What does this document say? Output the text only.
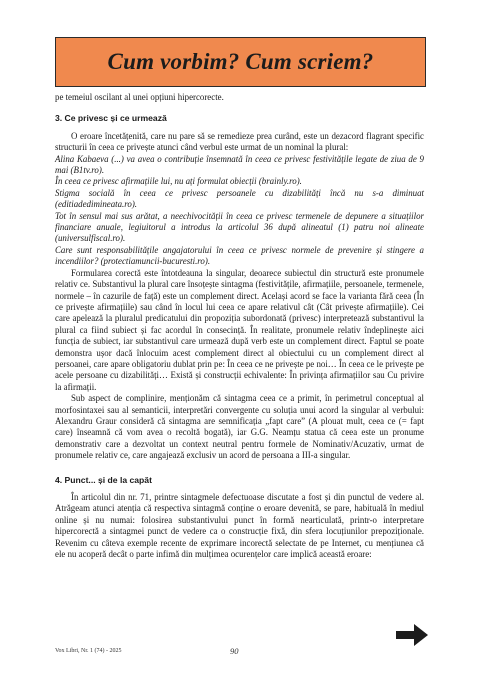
Cum vorbim? Cum scriem?

pe temeiul oscilant al unei opțiuni hipercorecte.

3. Ce privesc și ce urmează

O eroare încetățenită, care nu pare să se remedieze prea curând, este un dezacord flagrant specific structurii în ceea ce privește atunci când verbul este urmat de un nominal la plural:

Alina Kabaeva (...) va avea o contribuție însemnată în ceea ce privesc festivitățile legate de ziua de 9 mai (B1tv.ro).

În ceea ce privesc afirmațiile lui, nu ați formulat obiecții (brainly.ro).

Stigma socială în ceea ce privesc persoanele cu dizabilități încă nu s-a diminuat (editiadedimineata.ro).

Tot în sensul mai sus arătat, a neechivocității în ceea ce privesc termenele de depunere a situațiilor financiare anuale, legiuitorul a introdus la articolul 36 după alineatul (1) patru noi alineate (universulfiscal.ro).

Care sunt responsabilitățile angajatorului în ceea ce privesc normele de prevenire și stingere a incendiilor? (protectiamuncii-bucuresti.ro).

Formularea corectă este întotdeauna la singular, deoarece subiectul din structură este pronumele relativ ce. Substantivul la plural care însoțește sintagma (festivitățile, afirmațiile, persoanele, termenele, normele – în cazurile de față) este un complement direct. Același acord se face la varianta fără ceea (În ce privește afirmațiile) sau când în locul lui ceea ce apare relativul cât (Cât privește afirmațiile). Cei care apelează la pluralul predicatului din propoziția subordonată (privesc) interpretează substantivul la plural ca fiind subiect și fac acordul în consecință. În realitate, pronumele relativ îndeplinește aici funcția de subiect, iar substantivul care urmează după verb este un complement direct. Faptul se poate demonstra ușor dacă înlocuim acest complement direct al obiectului cu un complement direct al persoanei, care apare obligatoriu dublat prin pe: În ceea ce ne privește pe noi… În ceea ce le privește pe acele persoane cu dizabilități… Există și construcții echivalente: În privința afirmațiilor sau Cu privire la afirmații.

Sub aspect de complinire, menționăm că sintagma ceea ce a primit, în perimetrul conceptual al morfosintaxei sau al semanticii, interpretări convergente cu soluția unui acord la singular al verbului: Alexandru Graur consideră că sintagma are semnificația „fapt care” (A plouat mult, ceea ce (= fapt care) înseamnă că vom avea o recoltă bogată), iar G.G. Neamțu statua că ceea este un pronume demonstrativ care a dezvoltat un context neutral pentru formele de Nominativ/Acuzativ, urmat de pronumele relativ ce, care angajează exclusiv un acord de persoana a III-a singular.

4. Punct... și de la capăt

În articolul din nr. 71, printre sintagmele defectuoase discutate a fost și din punctul de vedere al. Atrăgeam atunci atenția că respectiva sintagmă conține o eroare devenită, se pare, habituală în mediul online și nu numai: folosirea substantivului punct în formă nearticulată, printr-o interpretare hipercorectă a sintagmei punct de vedere ca o construcție fixă, din sfera locuțiunilor prepoziționale. Revenim cu câteva exemple recente de exprimare incorectă selectate de pe Internet, cu mențiunea că ele nu acoperă decât o parte infimă din mulțimea ocurențelor care implică această eroare:

Vox Libri, Nr. 1 (74) - 2025	90
